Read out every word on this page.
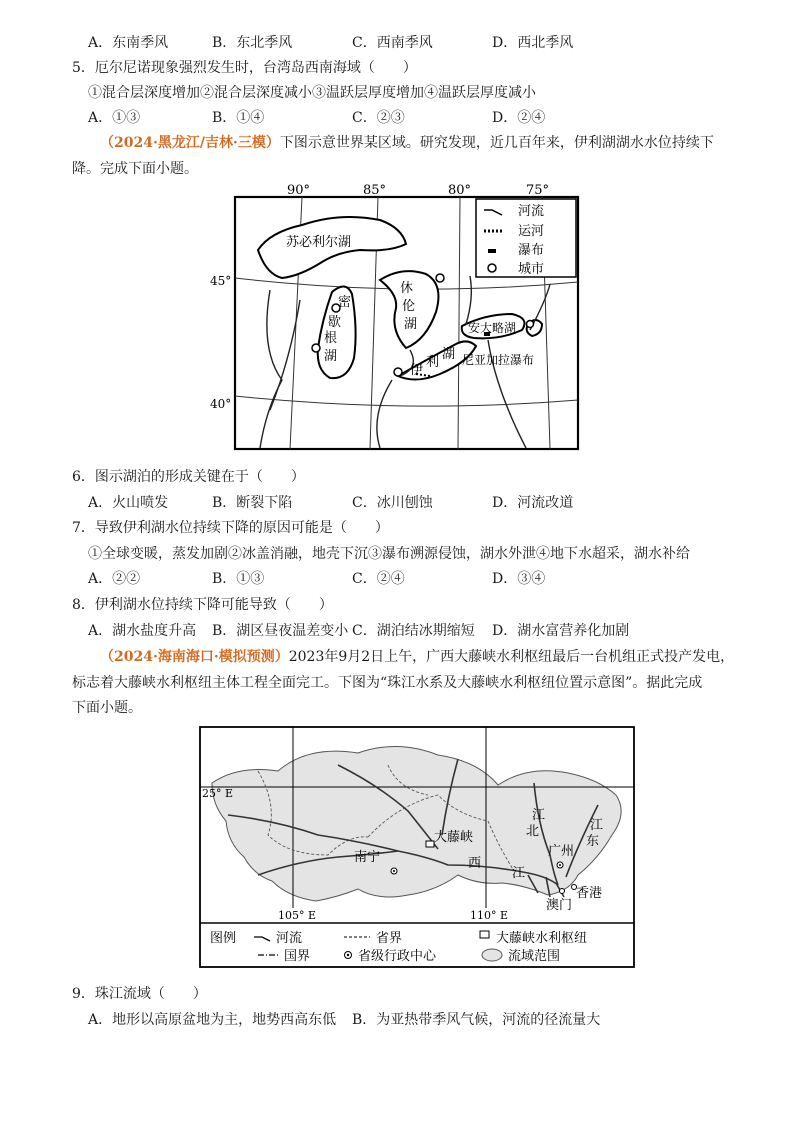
A．东南季风	B．东北季风	C．西南季风	D．西北季风
5．厄尔尼诺现象强烈发生时，台湾岛西南海域（　　）
①混合层深度增加②混合层深度减小③温跃层厚度增加④温跃层厚度减小
A．①③	B．①④	C．②③	D．②④
（2024·黑龙江/吉林·三模）下图示意世界某区域。研究发现，近几百年来，伊利湖湖水水位持续下降。完成下面小题。
90°	85°	80°	75°
苏必利尔湖
密
歇
根
湖
休
伦
湖	安大略湖
伊
利
湖 尼亚加拉瀑布
45°
40°
河流
运河
瀑布
城市
6．图示湖泊的形成关键在于（　　）
A．火山喷发	B．断裂下陷	C．冰川刨蚀	D．河流改道
7．导致伊利湖水位持续下降的原因可能是（　　）
①全球变暖，蒸发加剧②冰盖消融，地壳下沉③瀑布溯源侵蚀，湖水外泄④地下水超采，湖水补给
A．②②	B．①③	C．②④	D．③④
8．伊利湖水位持续下降可能导致（　　）
A．湖水盐度升高 B．湖区昼夜温差变小 C．湖泊结冰期缩短 D．湖水富营养化加剧
（2024·海南海口·模拟预测）2023年9月2日上午，广西大藤峡水利枢纽最后一台机组正式投产发电，
标志着大藤峡水利枢纽主体工程全面完工。下图为“珠江水系及大藤峡水利枢纽位置示意图”。据此完成
下面小题。
大藤峡
南宁	西
江
北
江
东
江
广州
澳门
香港
25° E
105° E	110° E
图例	河流	省界	大藤峡水利枢纽
国界	省级行政中心	流域范围
9．珠江流域（　　）
A．地形以高原盆地为主，地势西高东低 B．为亚热带季风气候，河流的径流量大
